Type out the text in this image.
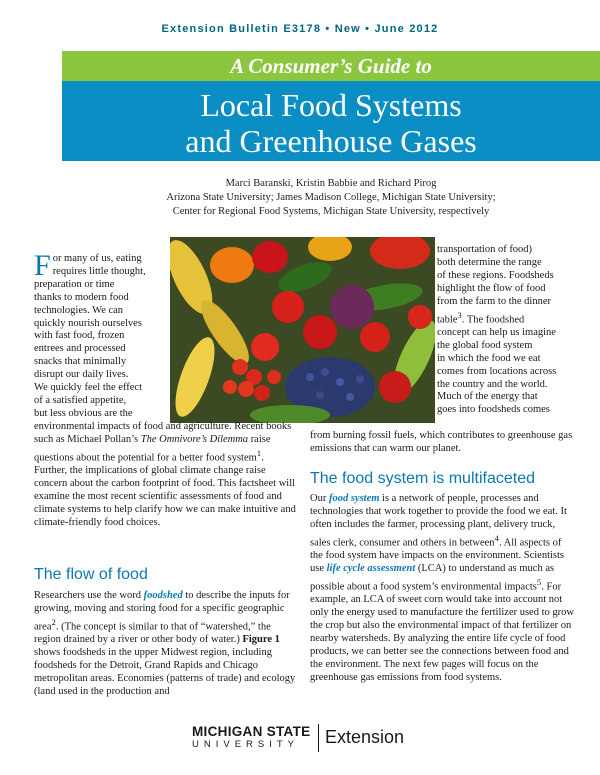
Extension Bulletin E3178 • New • June 2012
A Consumer’s Guide to
Local Food Systems
and Greenhouse Gases
Marci Baranski, Kristin Babbie and Richard Pirog
Arizona State University; James Madison College, Michigan State University;
Center for Regional Food Systems, Michigan State University, respectively
F or many of us, eating
requires little thought,
preparation or time
thanks to modern food
technologies. We can
quickly nourish ourselves
with fast food, frozen
entrees and processed
snacks that minimally
disrupt our daily lives.
We quickly feel the effect
of a satisfied appetite,
but less obvious are the
transportation of food)
both determine the range
of these regions. Foodsheds
highlight the flow of food
from the farm to the dinner
table$^3$. The foodshed
concept can help us imagine
the global food system
in which the food we eat
comes from locations across
the country and the world.
Much of the energy that
goes into foodsheds comes
environmental impacts of food and agriculture. Recent books such as Michael Pollan’s The Omnivore’s Dilemma raise questions about the potential for a better food system$^1$. Further, the implications of global climate change raise concern about the carbon footprint of food. This factsheet will examine the most recent scientific assessments of food and climate systems to help clarify how we can make intuitive and climate-friendly food choices.
The flow of food
Researchers use the word foodshed to describe the inputs for growing, moving and storing food for a specific geographic area$^2$. (The concept is similar to that of “watershed,” the region drained by a river or other body of water.) Figure 1 shows foodsheds in the upper Midwest region, including foodsheds for the Detroit, Grand Rapids and Chicago metropolitan areas. Economies (patterns of trade) and ecology (land used in the production and
from burning fossil fuels, which contributes to greenhouse gas emissions that can warm our planet.
The food system is multifaceted
Our food system is a network of people, processes and technologies that work together to provide the food we eat. It often includes the farmer, processing plant, delivery truck, sales clerk, consumer and others in between$^4$. All aspects of the food system have impacts on the environment. Scientists use life cycle assessment (LCA) to understand as much as possible about a food system’s environmental impacts$^5$. For example, an LCA of sweet corn would take into account not only the energy used to manufacture the fertilizer used to grow the crop but also the environmental impact of that fertilizer on nearby watersheds. By analyzing the entire life cycle of food products, we can better see the connections between food and the environment. The next few pages will focus on the greenhouse gas emissions from food systems.
MICHIGAN STATE
UNIVERSITY	Extension
